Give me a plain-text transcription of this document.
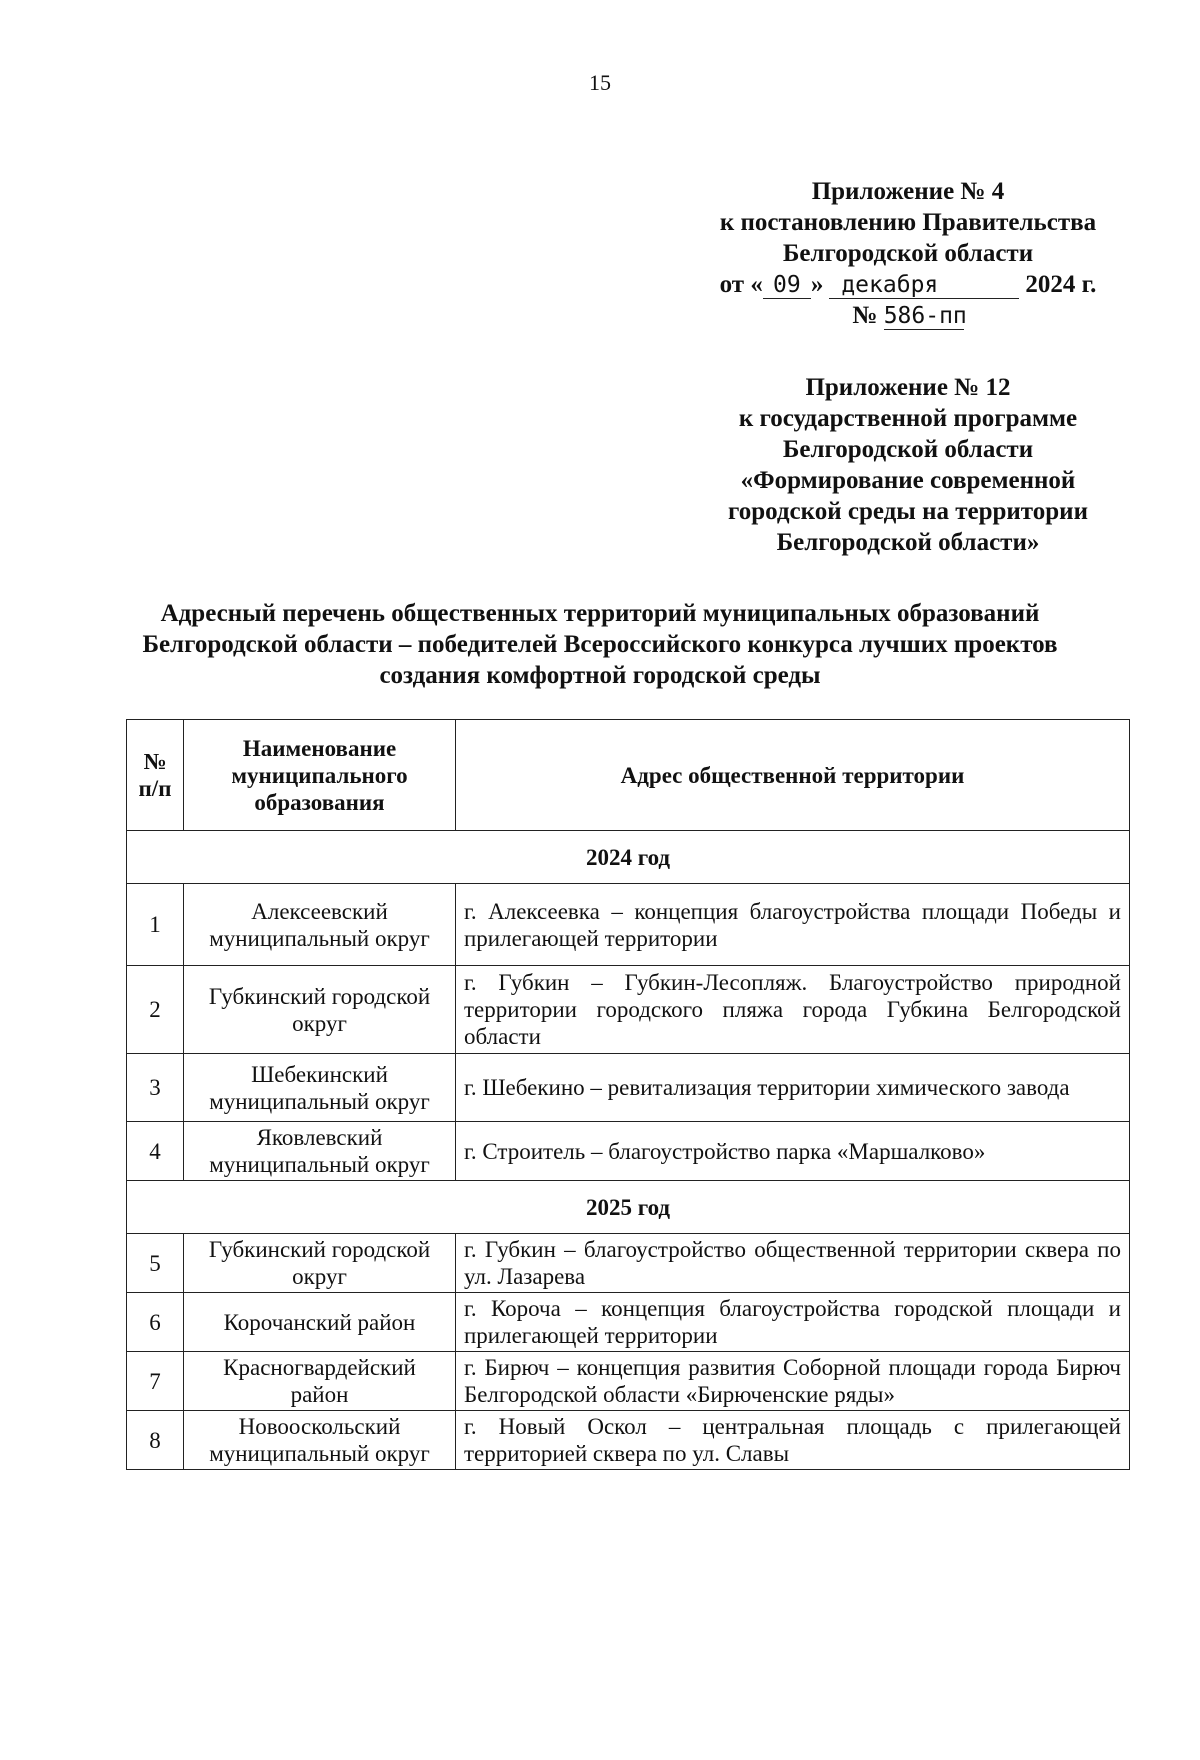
15
Приложение № 4
к постановлению Правительства
Белгородской области
от « 09 » декабря	2024 г.
№ 586-пп
Приложение № 12
к государственной программе
Белгородской области
«Формирование современной
городской среды на территории
Белгородской области»
Адресный перечень общественных территорий муниципальных образований
Белгородской области – победителей Всероссийского конкурса лучших проектов
создания комфортной городской среды
№ п/п	Наименование муниципального образования	Адрес общественной территории
2024 год		
1	Алексеевский муниципальный округ	г. Алексеевка – концепция благоустройства площади Победы и прилегающей территории
2	Губкинский городской округ	г. Губкин – Губкин-Лесопляж. Благоустройство природной территории городского пляжа города Губкина Белгородской области
3	Шебекинский муниципальный округ	г. Шебекино – ревитализация территории химического завода
4	Яковлевский муниципальный округ	г. Строитель – благоустройство парка «Маршалково»
2025 год		
5	Губкинский городской округ	г. Губкин – благоустройство общественной территории сквера по ул. Лазарева
6	Корочанский район	г. Короча – концепция благоустройства городской площади и прилегающей территории
7	Красногвардейский район	г. Бирюч – концепция развития Соборной площади города Бирюч Белгородской области «Бирюченские ряды»
8	Новооскольский муниципальный округ	г. Новый Оскол – центральная площадь с прилегающей территорией сквера по ул. Славы
